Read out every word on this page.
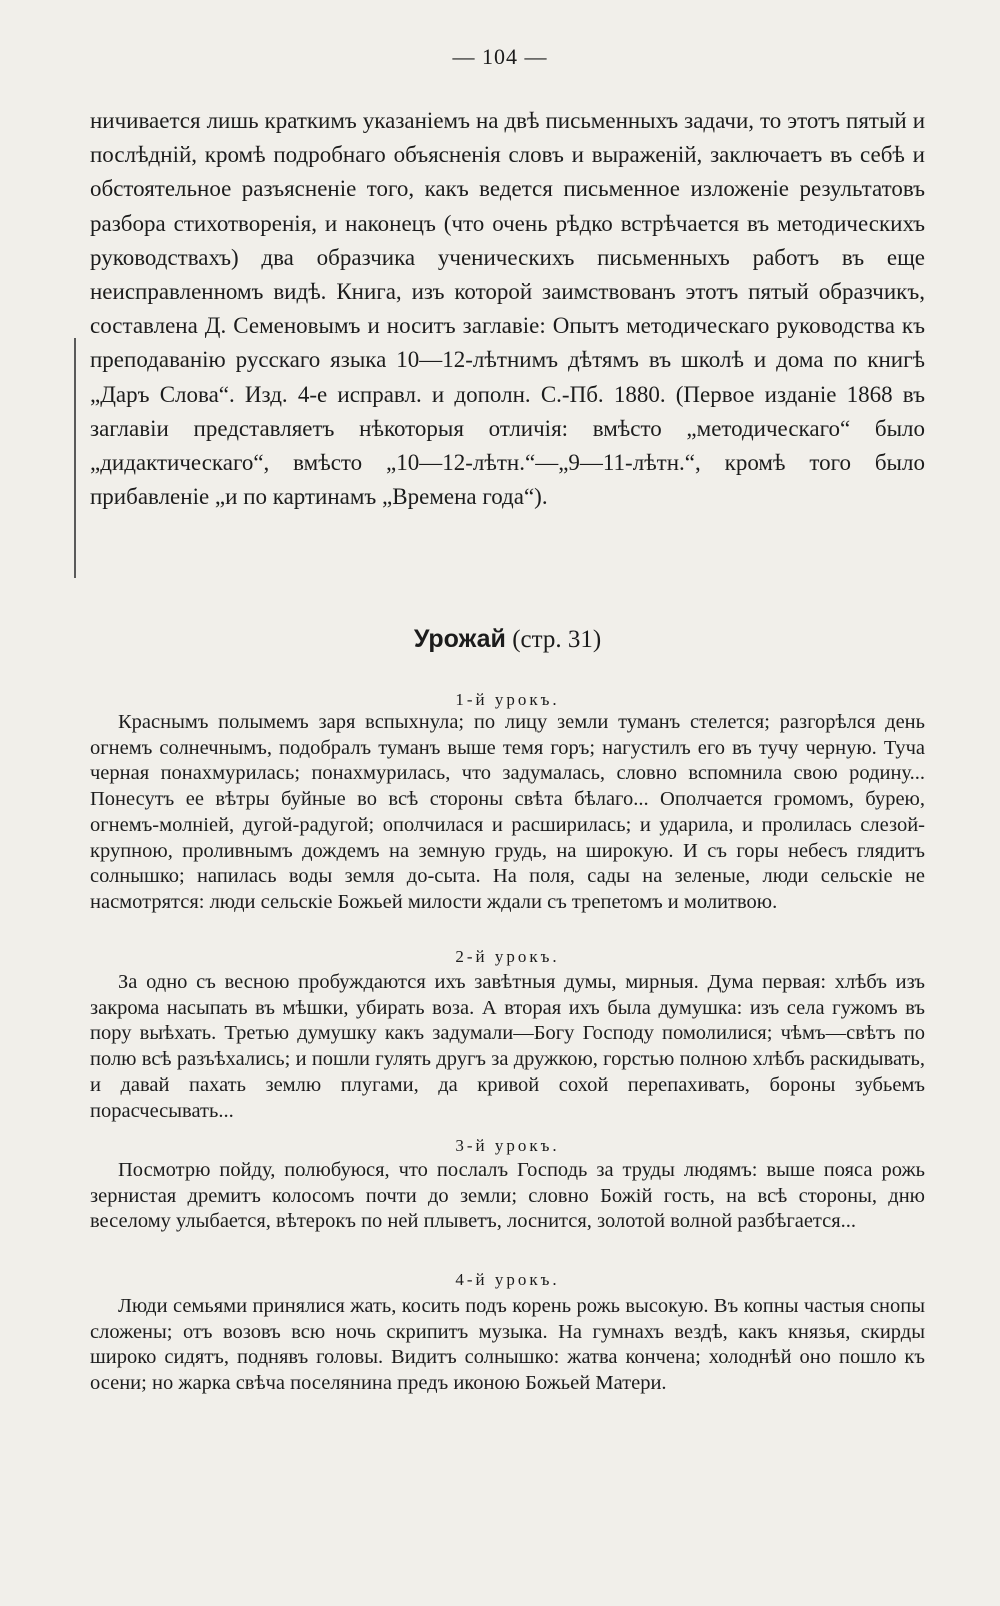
— 104 —

ничивается лишь краткимъ указаніемъ на двѣ письменныхъ задачи, то этотъ пятый и послѣдній, кромѣ подробнаго объясненія словъ и выраженій, заключаетъ въ себѣ и обстоятельное разъясненіе того, какъ ведется письменное изложеніе результатовъ разбора стихотворенія, и наконецъ (что очень рѣдко встрѣчается въ методическихъ руководствахъ) два образчика ученическихъ письменныхъ работъ въ еще неисправленномъ видѣ. Книга, изъ которой заимствованъ этотъ пятый образчикъ, составлена Д. Семеновымъ и носитъ заглавіе: Опытъ методическаго руководства къ преподаванію русскаго языка 10—12-лѣтнимъ дѣтямъ въ школѣ и дома по книгѣ „Даръ Слова“. Изд. 4-е исправл. и дополн. С.-Пб. 1880. (Первое изданіе 1868 въ заглавіи представляетъ нѣкоторыя отличія: вмѣсто „методическаго“ было „дидактическаго“, вмѣсто „10—12-лѣтн.“—„9—11-лѣтн.“, кромѣ того было прибавленіе „и по картинамъ „Времена года“).

Урожай (стр. 31)
1-й урокъ.

Краснымъ полымемъ заря вспыхнула; по лицу земли туманъ стелется; разгорѣлся день огнемъ солнечнымъ, подобралъ туманъ выше темя горъ; нагустилъ его въ тучу черную. Туча черная понахмурилась; понахмурилась, что задумалась, словно вспомнила свою родину... Понесутъ ее вѣтры буйные во всѣ стороны свѣта бѣлаго... Ополчается громомъ, бурею, огнемъ-молніей, дугой-радугой; ополчилася и расширилась; и ударила, и пролилась слезой-крупною, проливнымъ дождемъ на земную грудь, на широкую. И съ горы небесъ глядитъ солнышко; напилась воды земля до-сыта. На поля, сады на зеленые, люди сельскіе не насмотрятся: люди сельскіе Божьей милости ждали съ трепетомъ и молитвою.

2-й урокъ.

За одно съ весною пробуждаются ихъ завѣтныя думы, мирныя. Дума первая: хлѣбъ изъ закрома насыпать въ мѣшки, убирать воза. А вторая ихъ была думушка: изъ села гужомъ въ пору выѣхать. Третью думушку какъ задумали—Богу Господу помолилися; чѣмъ—свѣтъ по полю всѣ разъѣхались; и пошли гулять другъ за дружкою, горстью полною хлѣбъ раскидывать, и давай пахать землю плугами, да кривой сохой перепахивать, бороны зубьемъ порасчесывать...

3-й урокъ.

Посмотрю пойду, полюбуюся, что послалъ Господь за труды людямъ: выше пояса рожь зернистая дремитъ колосомъ почти до земли; словно Божій гость, на всѣ стороны, дню веселому улыбается, вѣтерокъ по ней плыветъ, лоснится, золотой волной разбѣгается...

4-й урокъ.

Люди семьями принялися жать, косить подъ корень рожь высокую. Въ копны частыя снопы сложены; отъ возовъ всю ночь скрипитъ музыка. На гумнахъ вездѣ, какъ князья, скирды широко сидятъ, поднявъ головы. Видитъ солнышко: жатва кончена; холоднѣй оно пошло къ осени; но жарка свѣча поселянина предъ иконою Божьей Матери.
